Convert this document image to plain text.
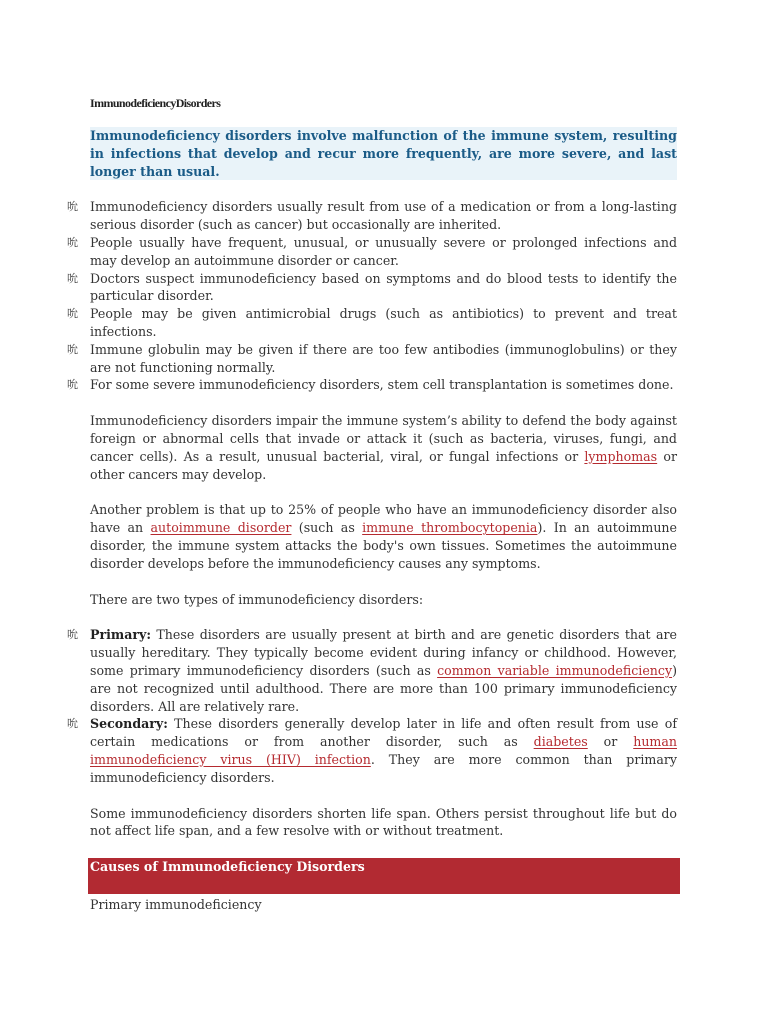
ImmunodeficiencyDisorders

Immunodeficiency disorders involve malfunction of the immune system, resulting in infections that develop and recur more frequently, are more severe, and last longer than usual.

吮 Immunodeficiency disorders usually result from use of a medication or from a long-lasting serious disorder (such as cancer) but occasionally are inherited.
吮 People usually have frequent, unusual, or unusually severe or prolonged infections and may develop an autoimmune disorder or cancer.
吮 Doctors suspect immunodeficiency based on symptoms and do blood tests to identify the particular disorder.
吮 People may be given antimicrobial drugs (such as antibiotics) to prevent and treat infections.
吮 Immune globulin may be given if there are too few antibodies (immunoglobulins) or they are not functioning normally.
吮 For some severe immunodeficiency disorders, stem cell transplantation is sometimes done.

Immunodeficiency disorders impair the immune system’s ability to defend the body against foreign or abnormal cells that invade or attack it (such as bacteria, viruses, fungi, and cancer cells). As a result, unusual bacterial, viral, or fungal infections or lymphomas or other cancers may develop.

Another problem is that up to 25% of people who have an immunodeficiency disorder also have an autoimmune disorder (such as immune thrombocytopenia). In an autoimmune disorder, the immune system attacks the body's own tissues. Sometimes the autoimmune disorder develops before the immunodeficiency causes any symptoms.

There are two types of immunodeficiency disorders:

吮 Primary: These disorders are usually present at birth and are genetic disorders that are usually hereditary. They typically become evident during infancy or childhood. However, some primary immunodeficiency disorders (such as common variable immunodeficiency) are not recognized until adulthood. There are more than 100 primary immunodeficiency disorders. All are relatively rare.
吮 Secondary: These disorders generally develop later in life and often result from use of certain medications or from another disorder, such as diabetes or human immunodeficiency virus (HIV) infection. They are more common than primary immunodeficiency disorders.

Some immunodeficiency disorders shorten life span. Others persist throughout life but do not affect life span, and a few resolve with or without treatment.

Causes of Immunodeficiency Disorders
Primary immunodeficiency
